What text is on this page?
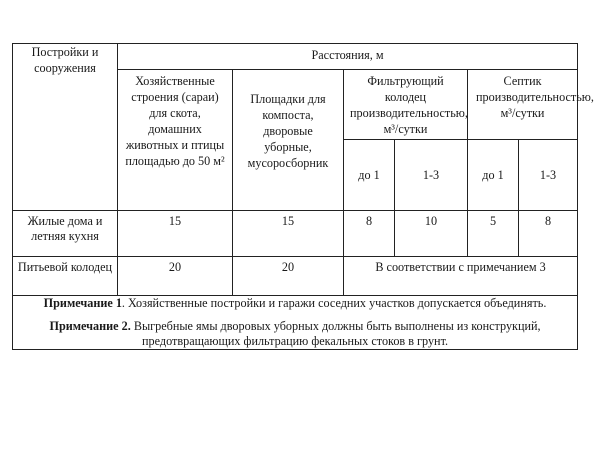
Постройки и сооружения	Расстояния, м					
	Хозяйственные строения (сараи) для скота, домашних животных и птицы площадью до 50 м²	Площадки для компоста, дворовые уборные, мусоросборник	Фильтрующий колодец производительностью, м³/сутки		Септик производительностью, м³/сутки	
			до 1	1-3	до 1	1-3
Жилые дома и летняя кухня	15	15	8	10	5	8
Питьевой колодец	20	20	В соответствии с примечанием 3			

Примечание 1. Хозяйственные постройки и гаражи соседних участков допускается объединять.

Примечание 2. Выгребные ямы дворовых уборных должны быть выполнены из конструкций, предотвращающих фильтрацию фекальных стоков в грунт.						
